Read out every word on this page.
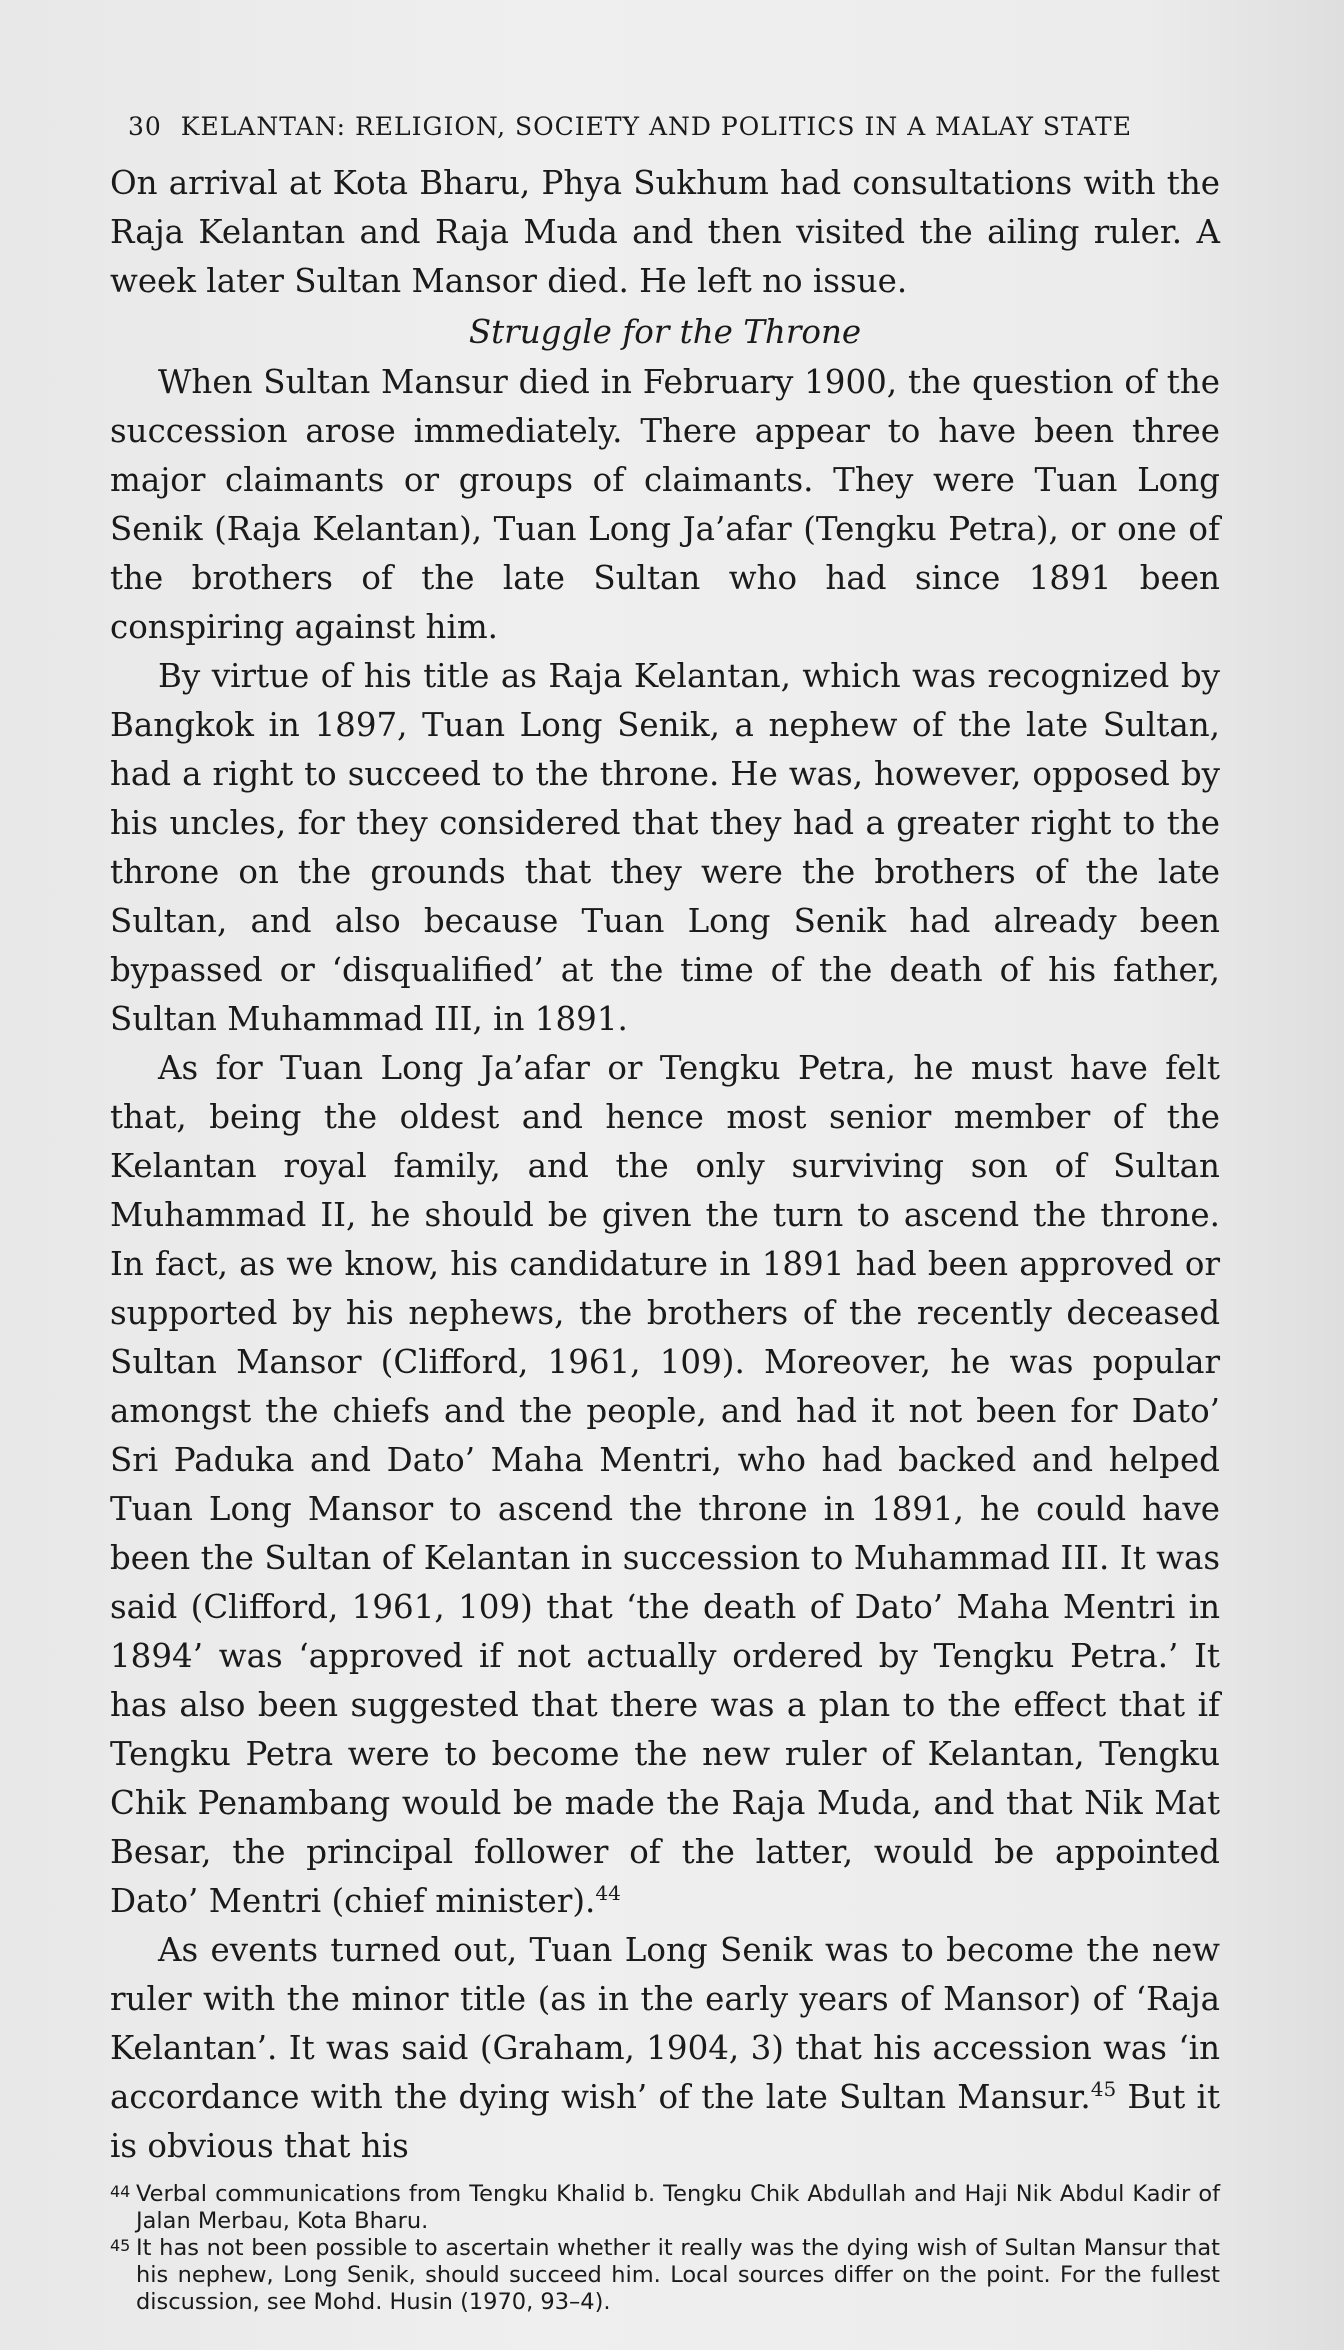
30 KELANTAN: RELIGION, SOCIETY AND POLITICS IN A MALAY STATE

On arrival at Kota Bharu, Phya Sukhum had consultations with the Raja Kelantan and Raja Muda and then visited the ailing ruler. A week later Sultan Mansor died. He left no issue.

Struggle for the Throne

When Sultan Mansur died in February 1900, the question of the succession arose immediately. There appear to have been three major claimants or groups of claimants. They were Tuan Long Senik (Raja Kelantan), Tuan Long Ja’afar (Tengku Petra), or one of the brothers of the late Sultan who had since 1891 been conspiring against him.

By virtue of his title as Raja Kelantan, which was recognized by Bangkok in 1897, Tuan Long Senik, a nephew of the late Sultan, had a right to succeed to the throne. He was, however, opposed by his uncles, for they considered that they had a greater right to the throne on the grounds that they were the brothers of the late Sultan, and also because Tuan Long Senik had already been bypassed or ‘disqualified’ at the time of the death of his father, Sultan Muhammad III, in 1891.

As for Tuan Long Ja’afar or Tengku Petra, he must have felt that, being the oldest and hence most senior member of the Kelantan royal family, and the only surviving son of Sultan Muhammad II, he should be given the turn to ascend the throne. In fact, as we know, his candidature in 1891 had been approved or supported by his nephews, the brothers of the recently deceased Sultan Mansor (Clifford, 1961, 109). Moreover, he was popular amongst the chiefs and the people, and had it not been for Dato’ Sri Paduka and Dato’ Maha Mentri, who had backed and helped Tuan Long Mansor to ascend the throne in 1891, he could have been the Sultan of Kelantan in succession to Muhammad III. It was said (Clifford, 1961, 109) that ‘the death of Dato’ Maha Mentri in 1894’ was ‘approved if not actually ordered by Tengku Petra.’ It has also been suggested that there was a plan to the effect that if Tengku Petra were to become the new ruler of Kelantan, Tengku Chik Penambang would be made the Raja Muda, and that Nik Mat Besar, the principal follower of the latter, would be appointed Dato’ Mentri (chief minister).$^{44}$

As events turned out, Tuan Long Senik was to become the new ruler with the minor title (as in the early years of Mansor) of ‘Raja Kelantan’. It was said (Graham, 1904, 3) that his accession was ‘in accordance with the dying wish’ of the late Sultan Mansur.$^{45}$ But it is obvious that his

44 Verbal communications from Tengku Khalid b. Tengku Chik Abdullah and Haji Nik Abdul Kadir of Jalan Merbau, Kota Bharu.
45 It has not been possible to ascertain whether it really was the dying wish of Sultan Mansur that his nephew, Long Senik, should succeed him. Local sources differ on the point. For the fullest discussion, see Mohd. Husin (1970, 93–4).
